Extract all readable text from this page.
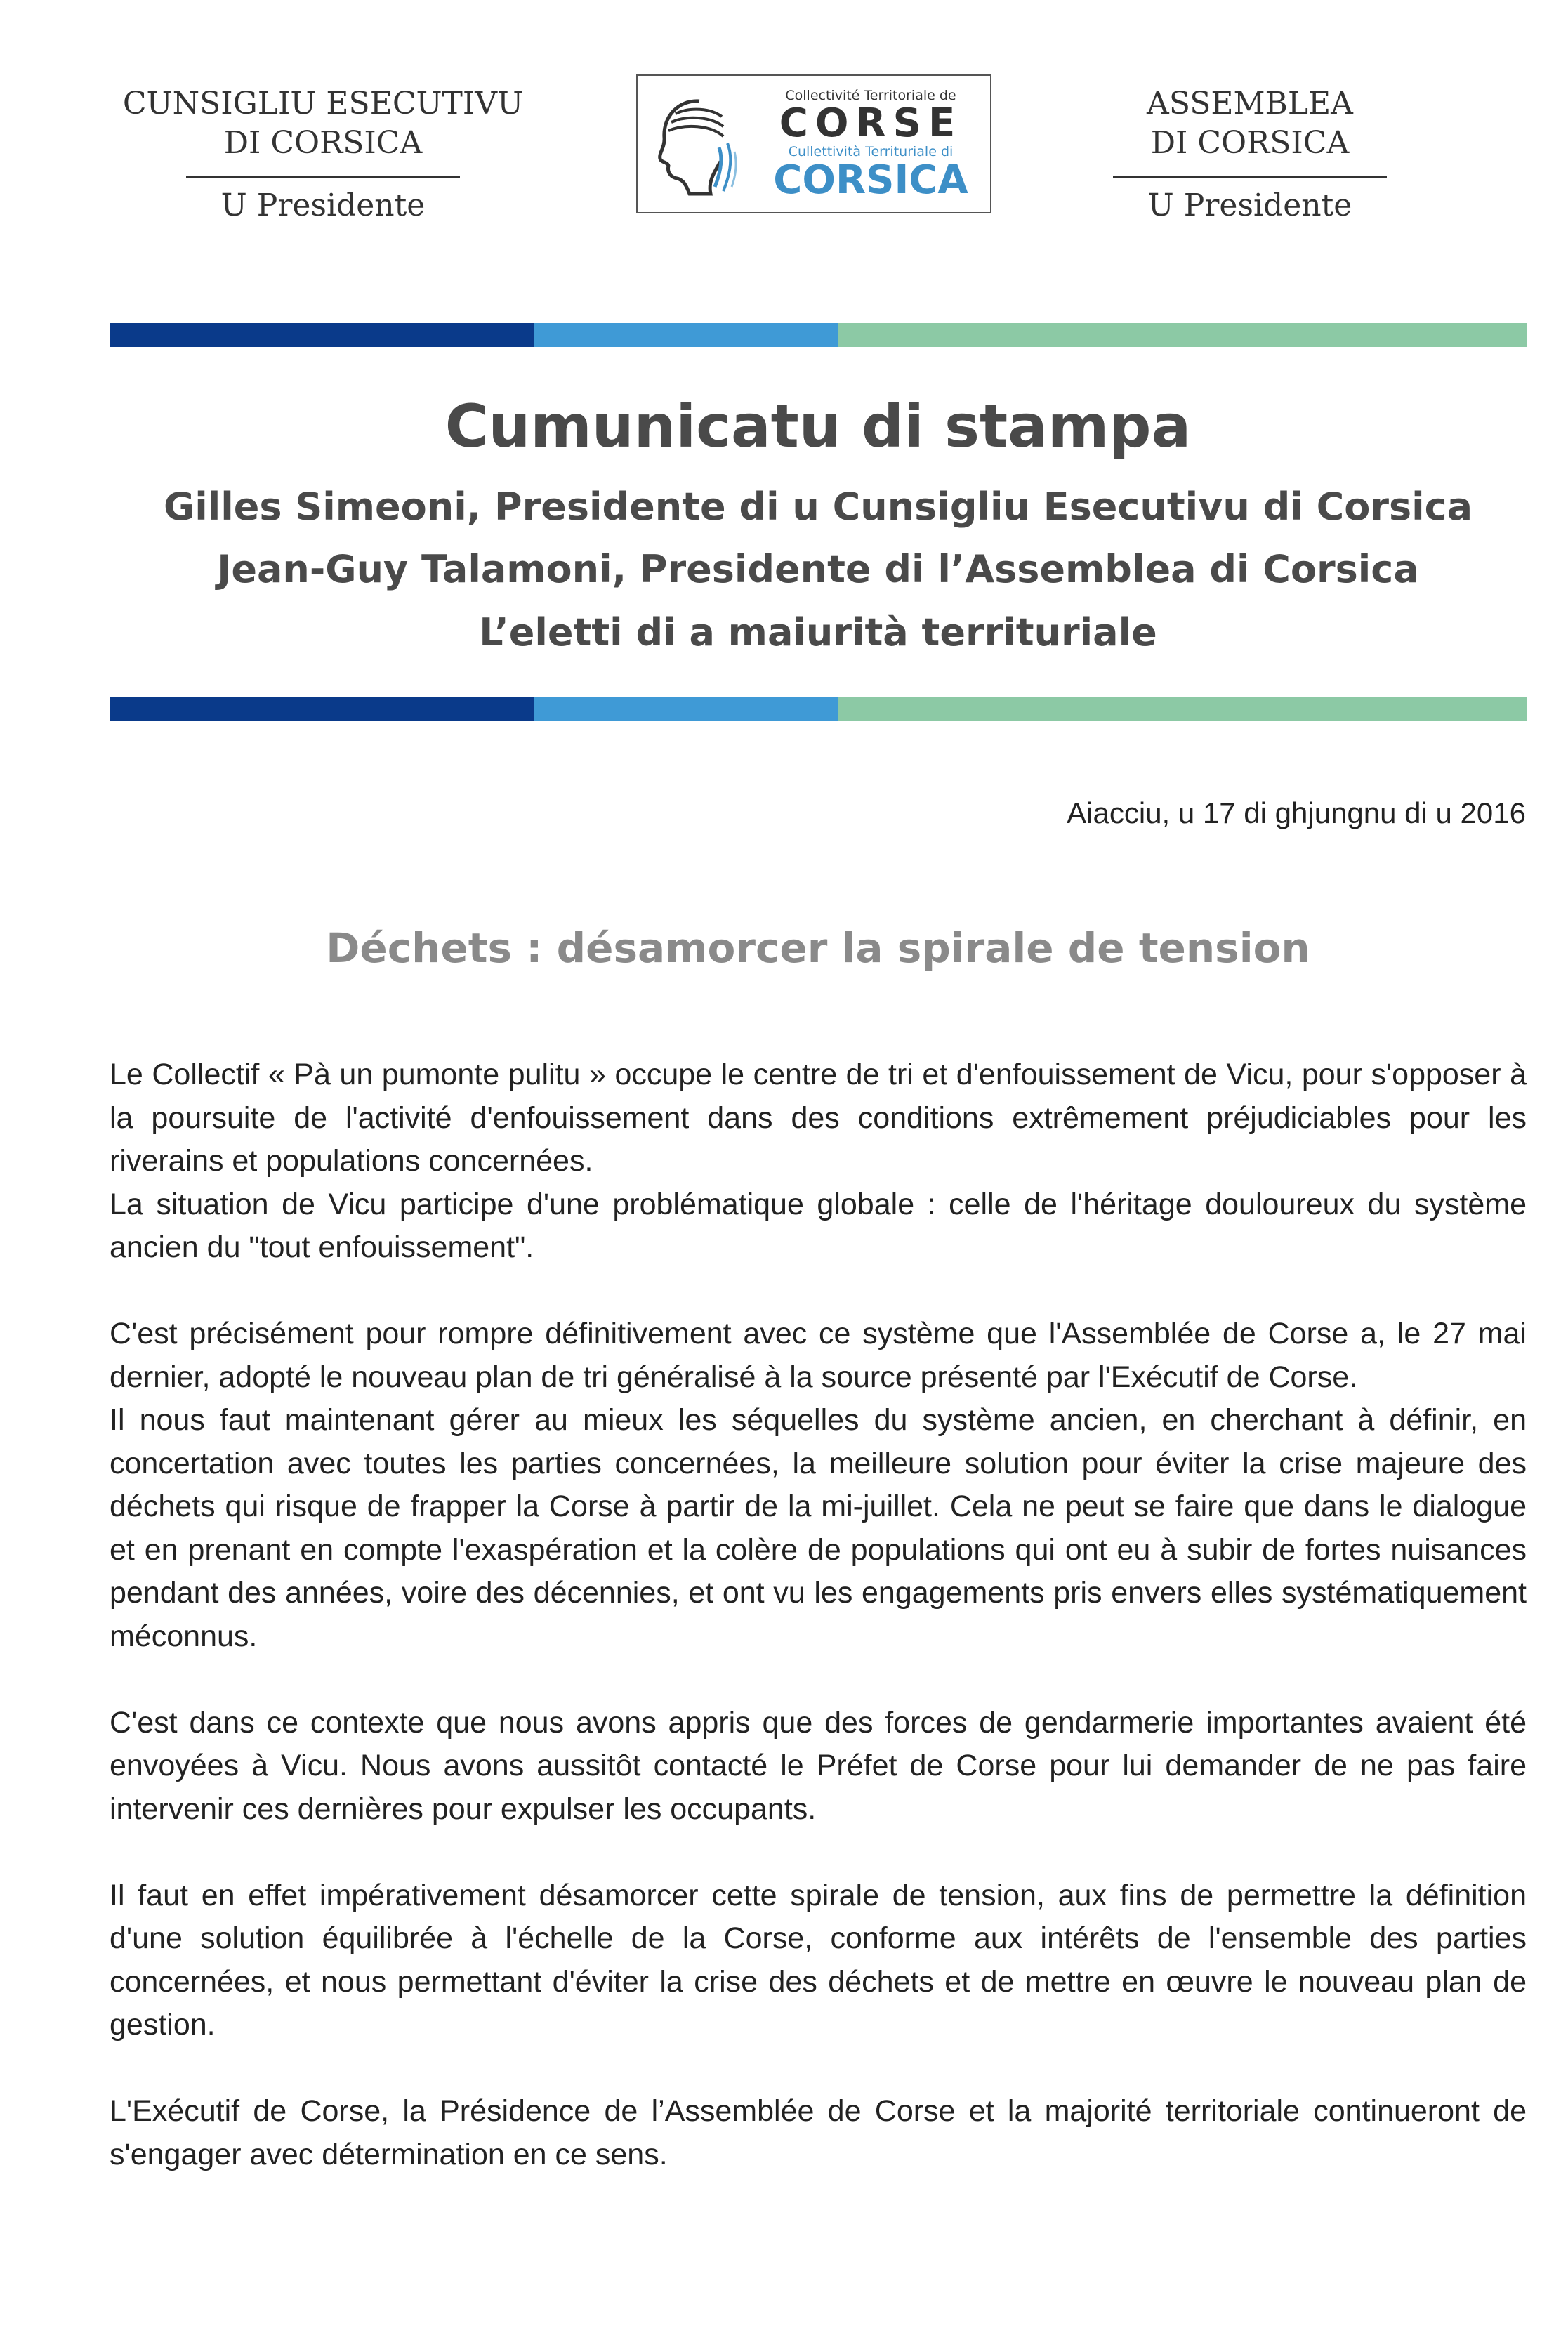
CUNSIGLIU ESECUTIVU
DI CORSICA
U Presidente
Collectivité Territoriale de
CORSE
Cullettività Territuriale di
CORSICA
ASSEMBLEA
DI CORSICA
U Presidente
Cumunicatu di stampa
Gilles Simeoni, Presidente di u Cunsigliu Esecutivu di Corsica
Jean-Guy Talamoni, Presidente di l’Assemblea di Corsica
L’eletti di a maiurità territuriale
Aiacciu, u 17 di ghjungnu di u 2016
Déchets : désamorcer la spirale de tension

Le Collectif « Pà un pumonte pulitu » occupe le centre de tri et d'enfouissement de Vicu, pour s'opposer à la poursuite de l'activité d'enfouissement dans des conditions extrêmement préjudiciables pour les riverains et populations concernées.

La situation de Vicu participe d'une problématique globale : celle de l'héritage douloureux du système ancien du "tout enfouissement".

C'est précisément pour rompre définitivement avec ce système que l'Assemblée de Corse a, le 27 mai dernier, adopté le nouveau plan de tri généralisé à la source présenté par l'Exécutif de Corse.

Il nous faut maintenant gérer au mieux les séquelles du système ancien, en cherchant à définir, en concertation avec toutes les parties concernées, la meilleure solution pour éviter la crise majeure des déchets qui risque de frapper la Corse à partir de la mi-juillet. Cela ne peut se faire que dans le dialogue et en prenant en compte l'exaspération et la colère de populations qui ont eu à subir de fortes nuisances pendant des années, voire des décennies, et ont vu les engagements pris envers elles systématiquement méconnus.

C'est dans ce contexte que nous avons appris que des forces de gendarmerie importantes avaient été envoyées à Vicu. Nous avons aussitôt contacté le Préfet de Corse pour lui demander de ne pas faire intervenir ces dernières pour expulser les occupants.

Il faut en effet impérativement désamorcer cette spirale de tension, aux fins de permettre la définition d'une solution équilibrée à l'échelle de la Corse, conforme aux intérêts de l'ensemble des parties concernées, et nous permettant d'éviter la crise des déchets et de mettre en œuvre le nouveau plan de gestion.

L'Exécutif de Corse, la Présidence de l’Assemblée de Corse et la majorité territoriale continueront de s'engager avec détermination en ce sens.
